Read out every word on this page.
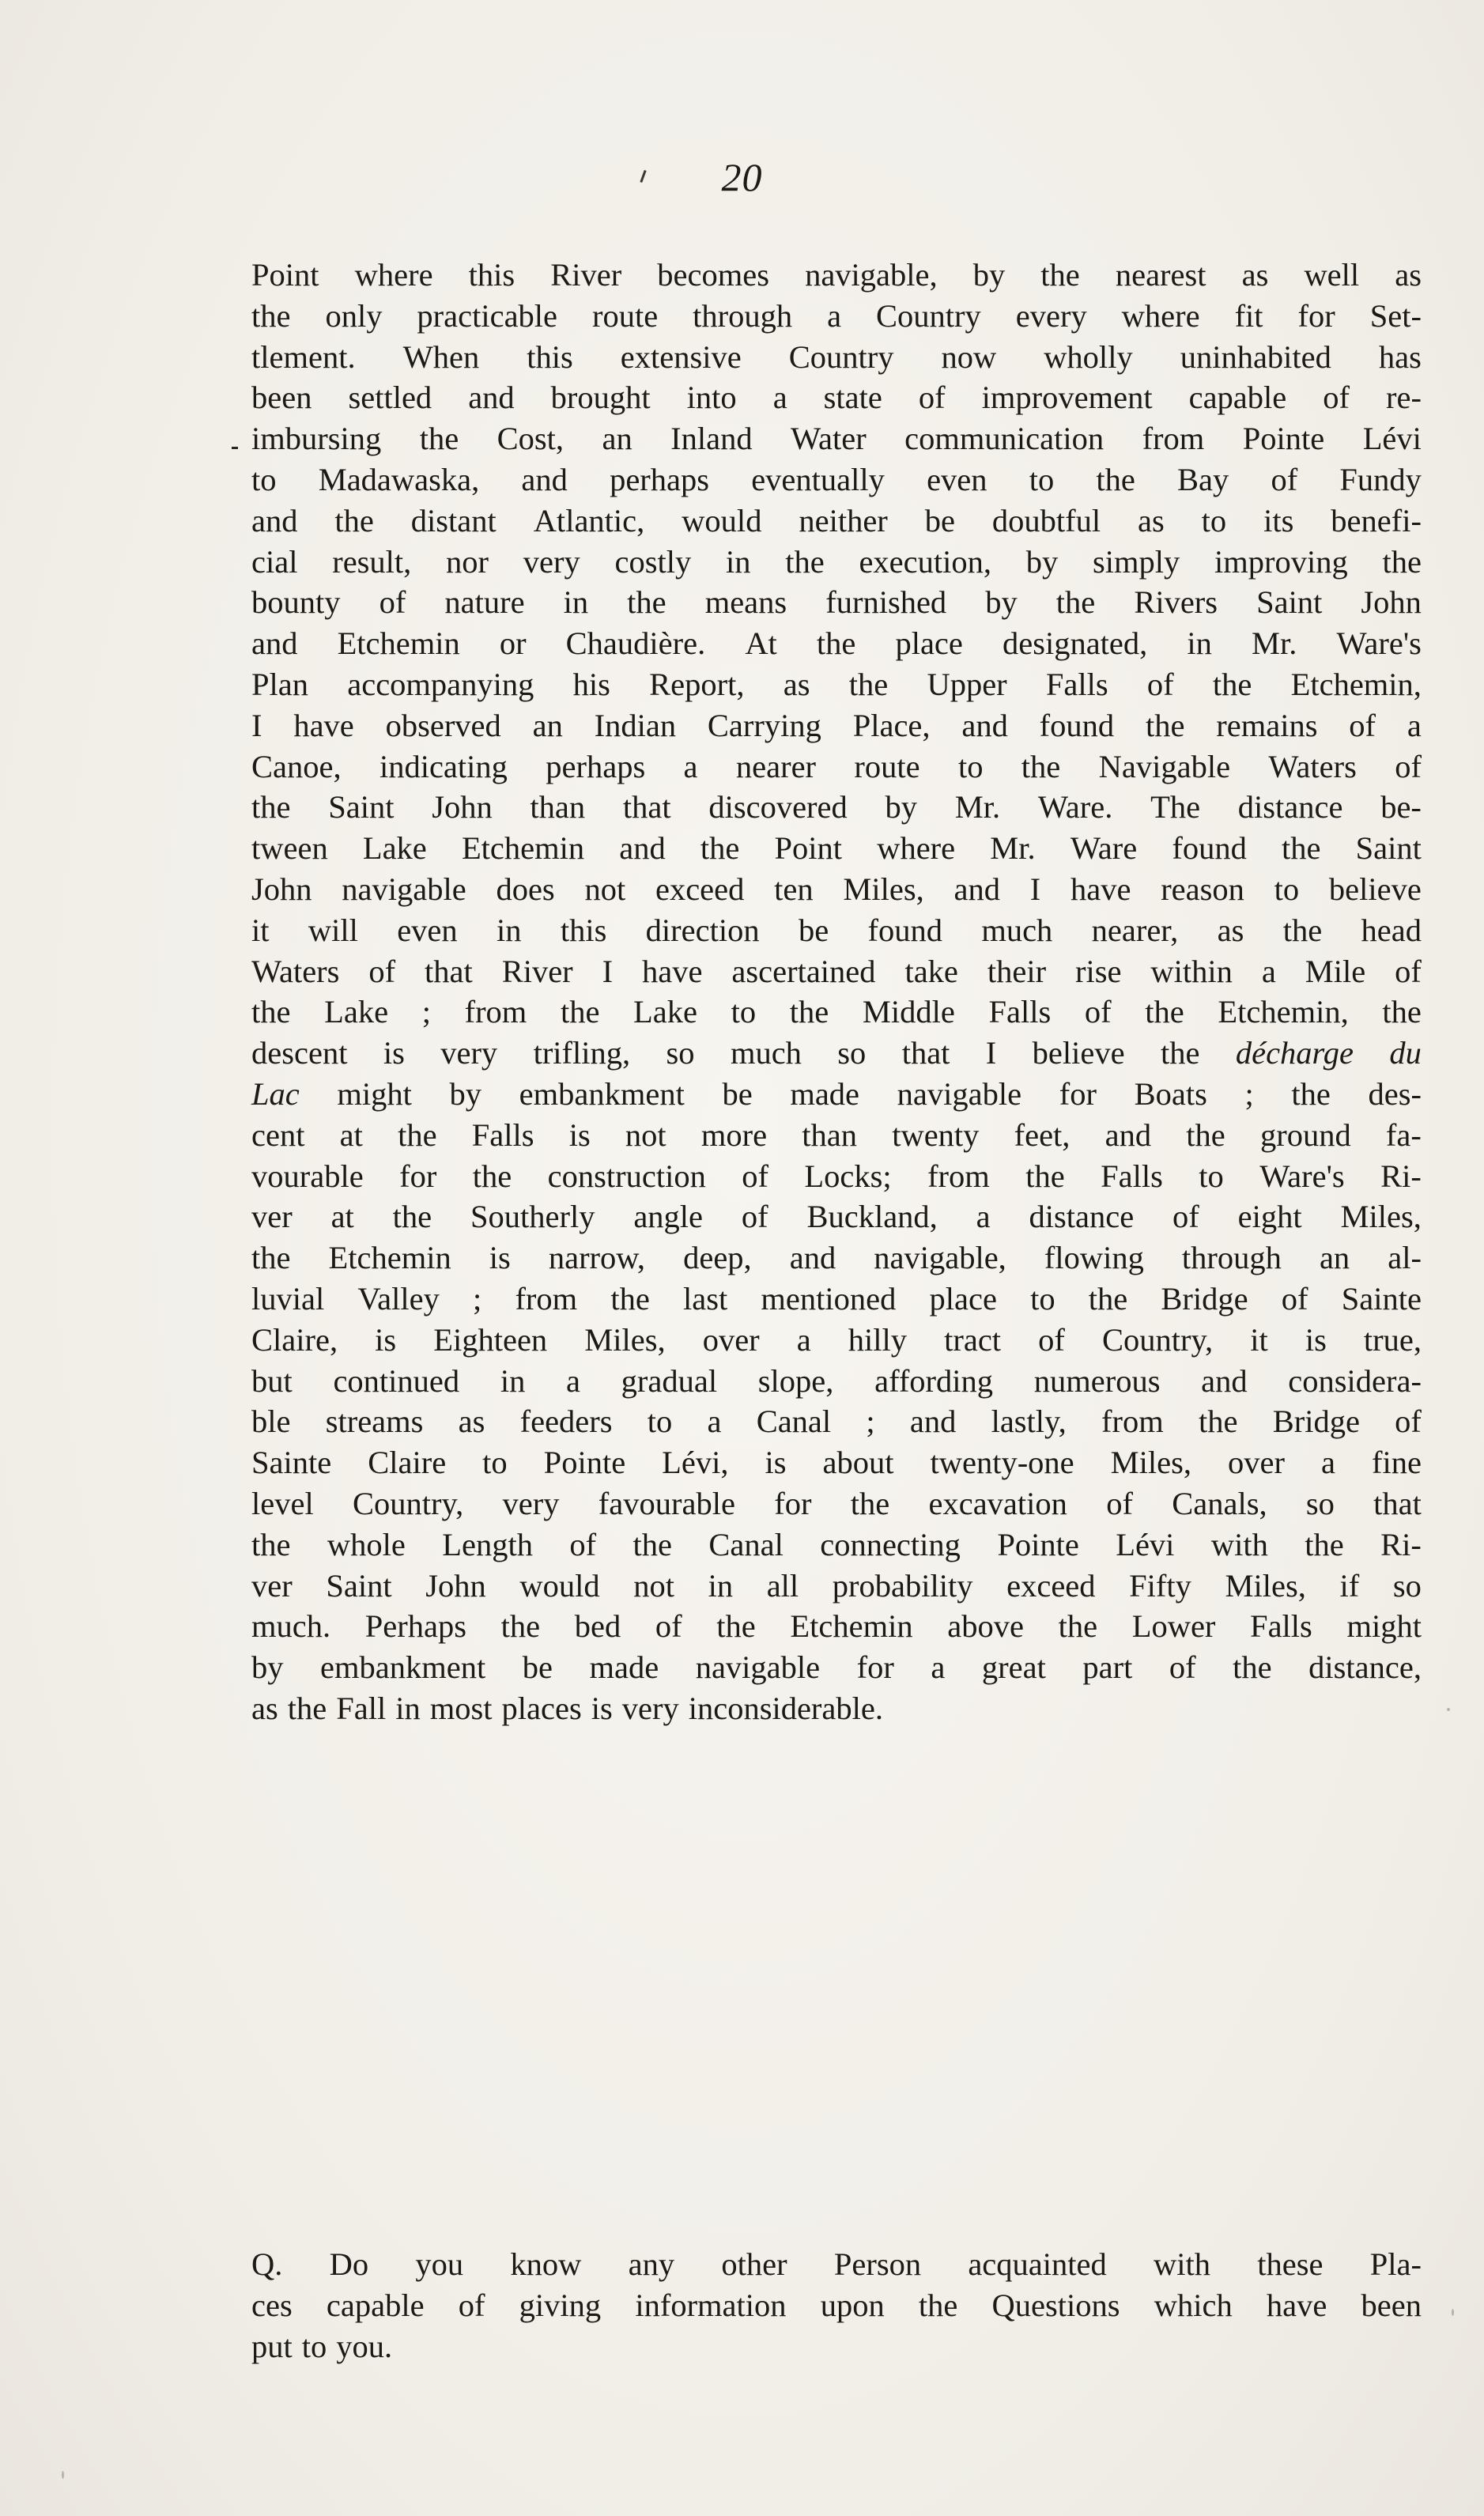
20
Point where this River becomes navigable, by the nearest as well as
the only practicable route through a Country every where fit for Set-
tlement. When this extensive Country now wholly uninhabited has
been settled and brought into a state of improvement capable of re-
imbursing the Cost, an Inland Water communication from Pointe Lévi
to Madawaska, and perhaps eventually even to the Bay of Fundy
and the distant Atlantic, would neither be doubtful as to its benefi-
cial result, nor very costly in the execution, by simply improving the
bounty of nature in the means furnished by the Rivers Saint John
and Etchemin or Chaudière. At the place designated, in Mr. Ware's
Plan accompanying his Report, as the Upper Falls of the Etchemin,
I have observed an Indian Carrying Place, and found the remains of a
Canoe, indicating perhaps a nearer route to the Navigable Waters of
the Saint John than that discovered by Mr. Ware. The distance be-
tween Lake Etchemin and the Point where Mr. Ware found the Saint
John navigable does not exceed ten Miles, and I have reason to believe
it will even in this direction be found much nearer, as the head
Waters of that River I have ascertained take their rise within a Mile of
the Lake ; from the Lake to the Middle Falls of the Etchemin, the
descent is very trifling, so much so that I believe the décharge du
Lac might by embankment be made navigable for Boats ; the des-
cent at the Falls is not more than twenty feet, and the ground fa-
vourable for the construction of Locks; from the Falls to Ware's Ri-
ver at the Southerly angle of Buckland, a distance of eight Miles,
the Etchemin is narrow, deep, and navigable, flowing through an al-
luvial Valley ; from the last mentioned place to the Bridge of Sainte
Claire, is Eighteen Miles, over a hilly tract of Country, it is true,
but continued in a gradual slope, affording numerous and considera-
ble streams as feeders to a Canal ; and lastly, from the Bridge of
Sainte Claire to Pointe Lévi, is about twenty-one Miles, over a fine
level Country, very favourable for the excavation of Canals, so that
the whole Length of the Canal connecting Pointe Lévi with the Ri-
ver Saint John would not in all probability exceed Fifty Miles, if so
much. Perhaps the bed of the Etchemin above the Lower Falls might
by embankment be made navigable for a great part of the distance,
as the Fall in most places is very inconsiderable.
Q. Do you know any other Person acquainted with these Pla-
ces capable of giving information upon the Questions which have been
put to you.
